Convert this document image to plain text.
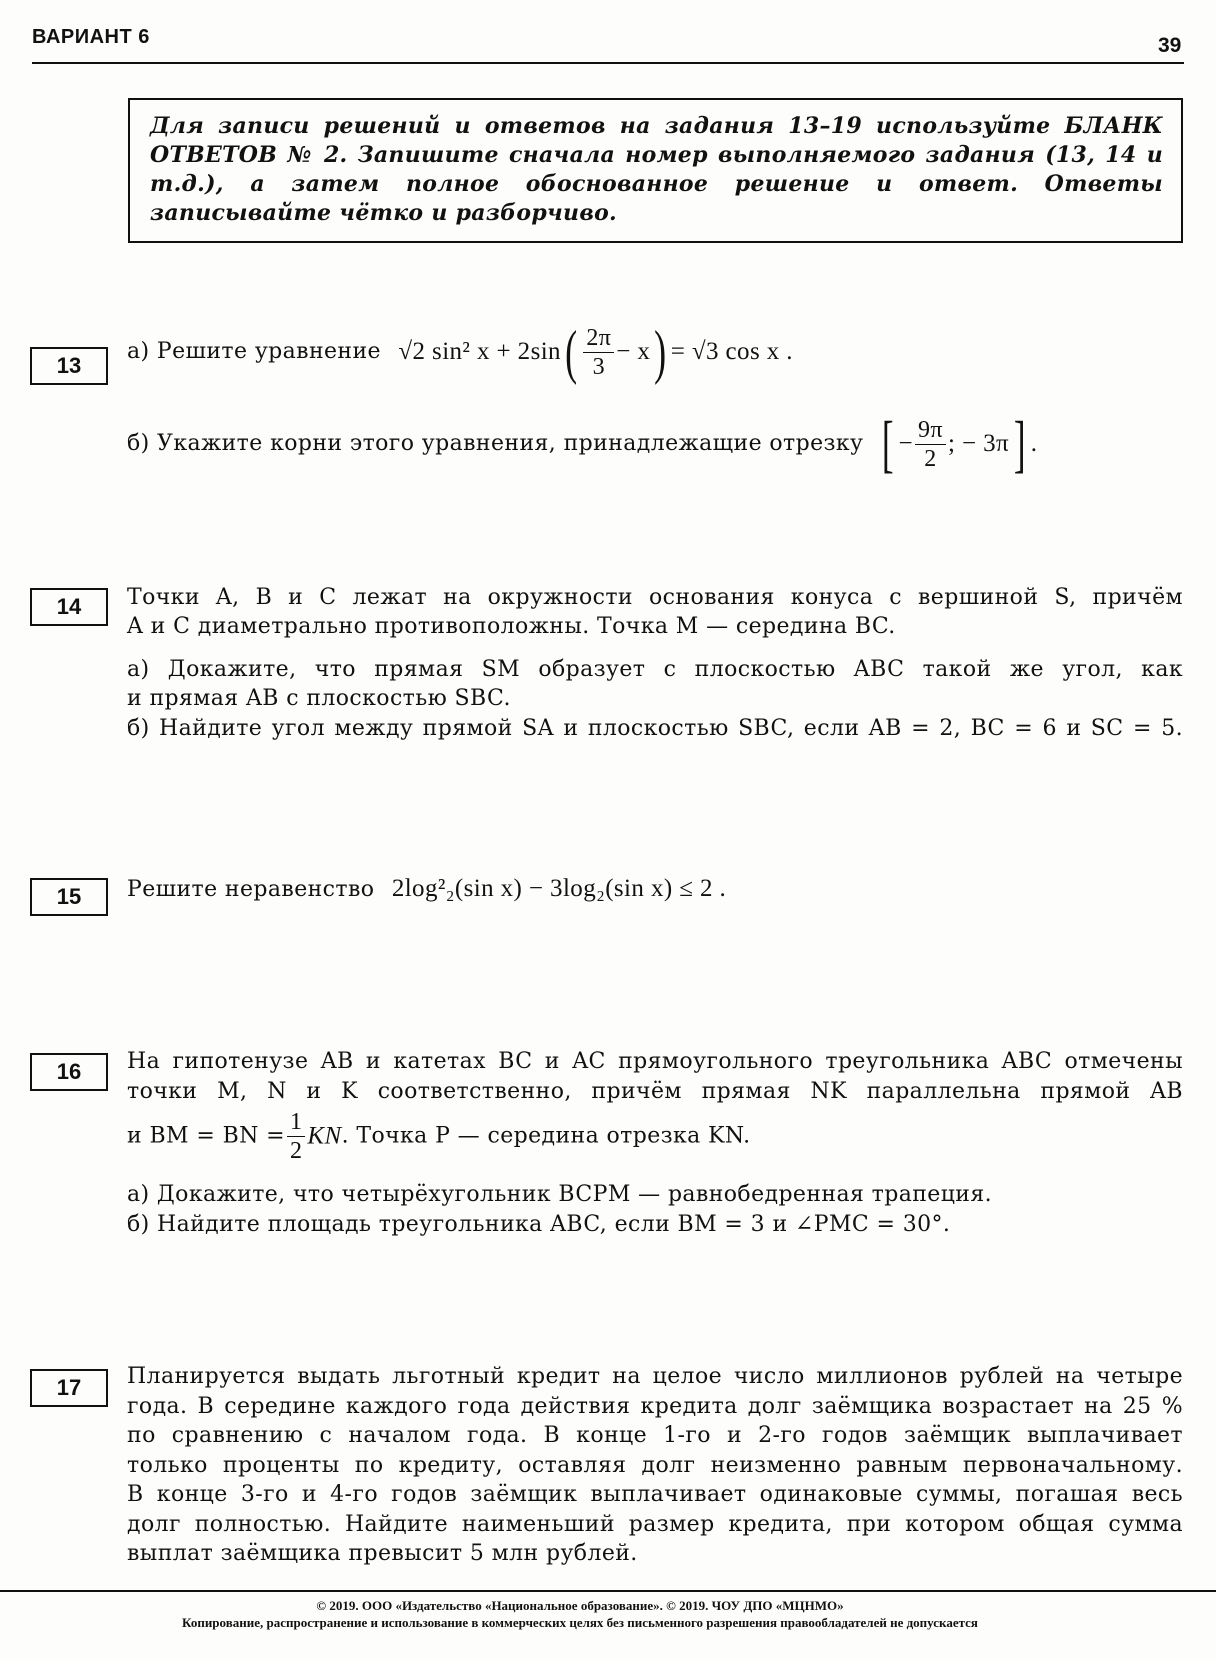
ВАРИАНТ 6	39
Для записи решений и ответов на задания 13–19 используйте БЛАНК ОТВЕТОВ № 2. Запишите сначала номер выполняемого задания (13, 14 и т.д.), а затем полное обоснованное решение и ответ. Ответы записывайте чётко и разборчиво.
13
а) Решите уравнение √2 sin² $x + 2\sin( \frac{2\pi}{3} - x) = √3$ cos x .
б) Укажите корни этого уравнения, принадлежащие отрезку [ − $\frac{9\pi}{2}$ ; − 3π] .
14	Точки A, B и C лежат на окружности основания конуса с вершиной S, причём
A и C диаметрально противоположны. Точка M — середина BC.
а) Докажите, что прямая SM образует с плоскостью ABC такой же угол, как
и прямая AB с плоскостью SBC.
б) Найдите угол между прямой SA и плоскостью SBC, если AB = 2, BC = 6 и SC = 5.
15	Решите неравенство 2log²₂(sin x) − 3log₂(sin x) ≤ 2 .
16	На гипотенузе AB и катетах BC и AC прямоугольного треугольника ABC отмечены
точки M, N и K соответственно, причём прямая NK параллельна прямой AB
и BM = BN = $\frac{1}{2}$ KN. Точка P — середина отрезка KN.
а) Докажите, что четырёхугольник BCPM — равнобедренная трапеция.
б) Найдите площадь треугольника ABC, если BM = 3 и ∠PMC = 30°.
17	Планируется выдать льготный кредит на целое число миллионов рублей на четыре
года. В середине каждого года действия кредита долг заёмщика возрастает на 25 %
по сравнению с началом года. В конце 1-го и 2-го годов заёмщик выплачивает
только проценты по кредиту, оставляя долг неизменно равным первоначальному.
В конце 3-го и 4-го годов заёмщик выплачивает одинаковые суммы, погашая весь
долг полностью. Найдите наименьший размер кредита, при котором общая сумма
выплат заёмщика превысит 5 млн рублей.
© 2019. ООО «Издательство «Национальное образование». © 2019. ЧОУ ДПО «МЦНМО»
Копирование, распространение и использование в коммерческих целях без письменного разрешения правообладателей не допускается
